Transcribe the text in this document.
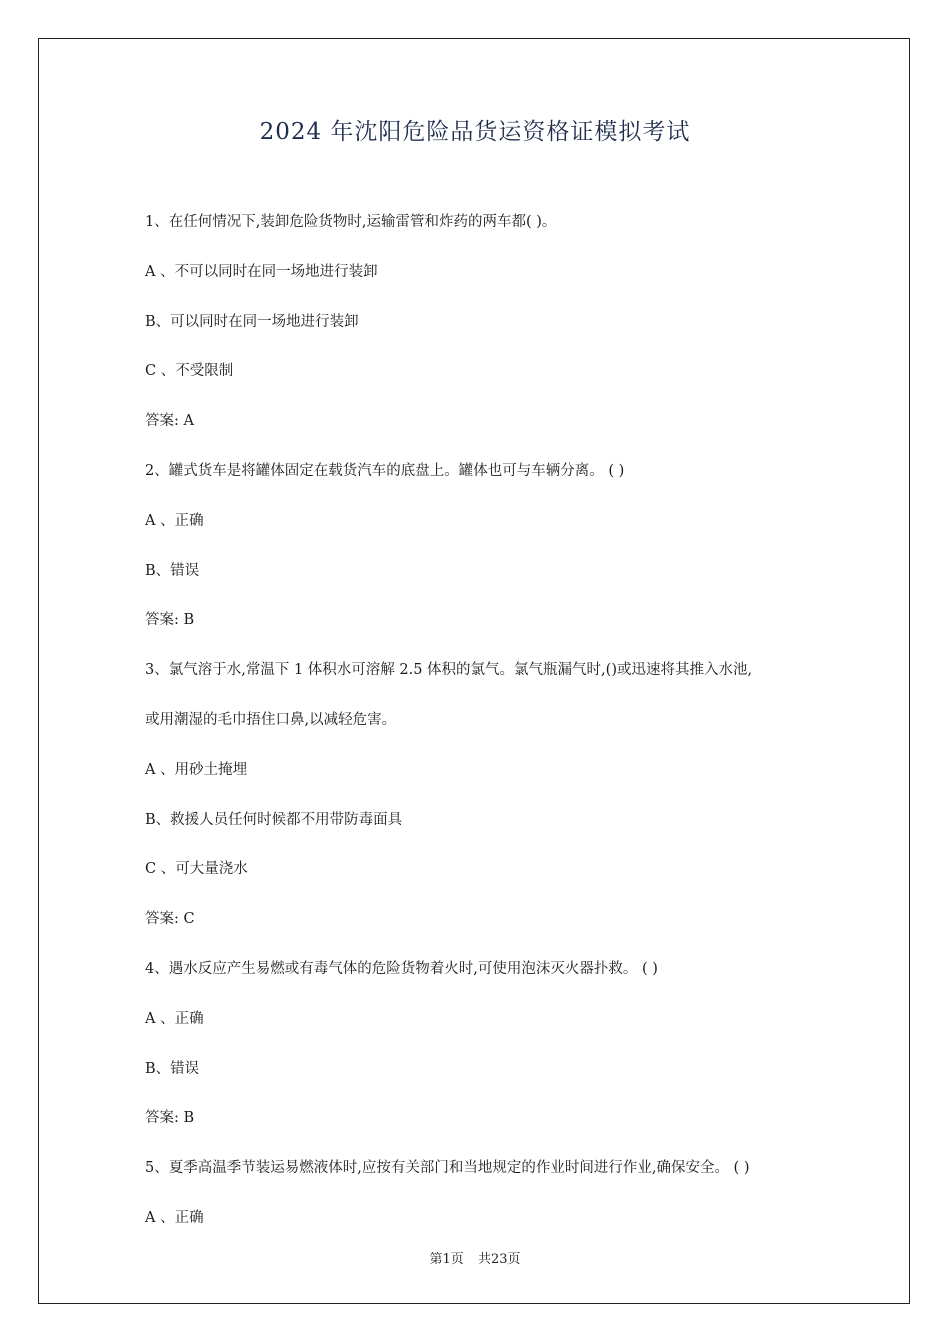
2024 年沈阳危险品货运资格证模拟考试
1、在任何情况下,装卸危险货物时,运输雷管和炸药的两车都( )。
A 、不可以同时在同一场地进行装卸
B、可以同时在同一场地进行装卸
C 、不受限制
答案: A
2、罐式货车是将罐体固定在载货汽车的底盘上。罐体也可与车辆分离。 ( )
A 、正确
B、错误
答案: B
3、氯气溶于水,常温下 1 体积水可溶解 2.5 体积的氯气。氯气瓶漏气时,()或迅速将其推入水池,
或用潮湿的毛巾捂住口鼻,以减轻危害。
A 、用砂土掩埋
B、救援人员任何时候都不用带防毒面具
C 、可大量浇水
答案: C
4、遇水反应产生易燃或有毒气体的危险货物着火时,可使用泡沫灭火器扑救。 ( )
A 、正确
B、错误
答案: B
5、夏季高温季节装运易燃液体时,应按有关部门和当地规定的作业时间进行作业,确保安全。 ( )
A 、正确
第1页 共23页
